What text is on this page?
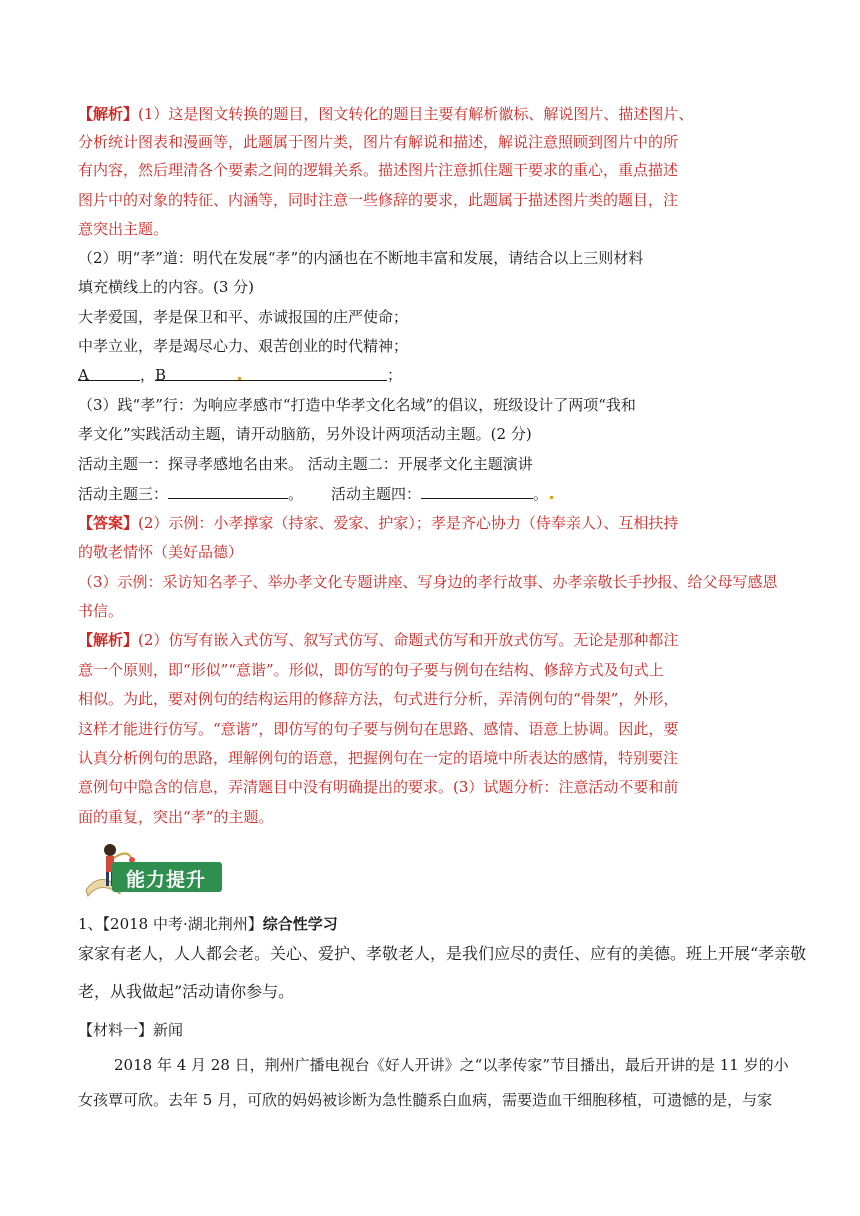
【解析】(1）这是图文转换的题目，图文转化的题目主要有解析徽标、解说图片、描述图片、
分析统计图表和漫画等，此题属于图片类，图片有解说和描述，解说注意照顾到图片中的所
有内容，然后理清各个要素之间的逻辑关系。描述图片注意抓住题干要求的重心，重点描述
图片中的对象的特征、内涵等，同时注意一些修辞的要求，此题属于描述图片类的题目，注
意突出主题。
（2）明“孝”道：明代在发展“孝”的内涵也在不断地丰富和发展，请结合以上三则材料
填充横线上的内容。(3 分)
大孝爱国，孝是保卫和平、赤诚报国的庄严使命；
中孝立业，孝是竭尽心力、艰苦创业的时代精神；
A	，B	；
（3）践“孝”行：为响应孝感市“打造中华孝文化名域”的倡议，班级设计了两项“我和
孝文化”实践活动主题，请开动脑筋，另外设计两项活动主题。(2 分)
活动主题一：探寻孝感地名由来。 活动主题二：开展孝文化主题演讲
活动主题三：	。 活动主题四：	。
【答案】(2）示例：小孝撑家（持家、爱家、护家）；孝是齐心协力（侍奉亲人）、互相扶持
的敬老情怀（美好品德）
（3）示例：采访知名孝子、举办孝文化专题讲座、写身边的孝行故事、办孝亲敬长手抄报、给父母写感恩
书信。
【解析】(2）仿写有嵌入式仿写、叙写式仿写、命题式仿写和开放式仿写。无论是那种都注
意一个原则，即“形似”“意谐”。形似，即仿写的句子要与例句在结构、修辞方式及句式上
相似。为此，要对例句的结构运用的修辞方法，句式进行分析，弄清例句的“骨架”，外形，
这样才能进行仿写。“意谐”，即仿写的句子要与例句在思路、感情、语意上协调。因此，要
认真分析例句的思路，理解例句的语意，把握例句在一定的语境中所表达的感情，特别要注
意例句中隐含的信息，弄清题目中没有明确提出的要求。(3）试题分析：注意活动不要和前
面的重复，突出“孝“的主题。
能力提升
1、【2018 中考·湖北荆州】综合性学习
家家有老人，人人都会老。关心、爱护、孝敬老人，是我们应尽的责任、应有的美德。班上开展“孝亲敬
老，从我做起”活动请你参与。
【材料一】新闻
2018 年 4 月 28 日，荆州广播电视台《好人开讲》之“以孝传家”节目播出，最后开讲的是 11 岁的小
女孩覃可欣。去年 5 月，可欣的妈妈被诊断为急性髓系白血病，需要造血干细胞移植，可遗憾的是，与家
